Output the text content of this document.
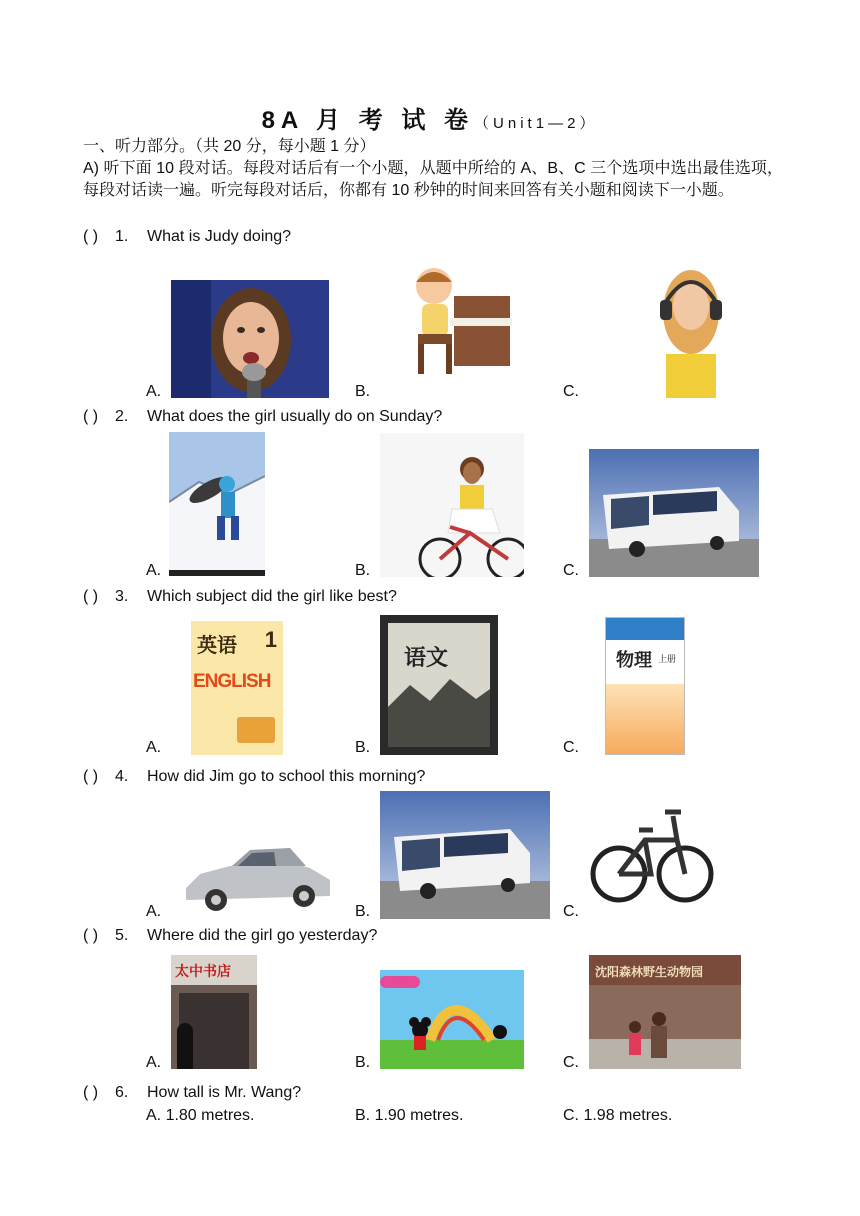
8A 月 考 试 卷（Unit1—2）
一、听力部分。（共 20 分，每小题 1 分）
A) 听下面 10 段对话。每段对话后有一个小题，从题中所给的 A、B、C 三个选项中选出最佳选项，每段对话读一遍。听完每段对话后，你都有 10 秒钟的时间来回答有关小题和阅读下一小题。
( ) 1. What is Judy doing?
A.	B.	C.
( ) 2. What does the girl usually do on Sunday?
A.	B.	C.
( ) 3. Which subject did the girl like best?
A.	B.	C.
英语 1
ENGLISH
语文	物理 上册
( ) 4. How did Jim go to school this morning?
A.	B.	C.
( ) 5. Where did the girl go yesterday?
A.	B.	C.
太中书店	沈阳森林野生动物园
( ) 6. How tall is Mr. Wang?
A. 1.80 metres.	B. 1.90 metres.	C. 1.98 metres.
